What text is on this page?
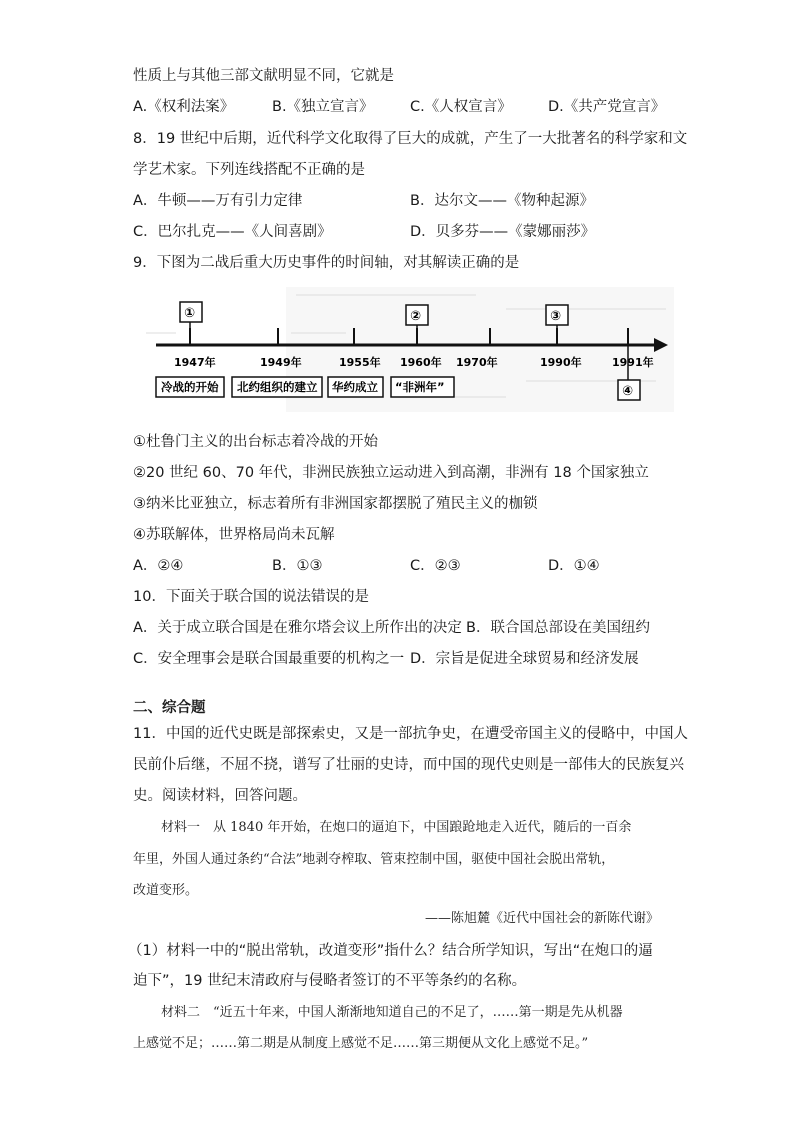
性质上与其他三部文献明显不同，它就是
A.《权利法案》	B.《独立宣言》	C.《人权宣言》	D.《共产党宣言》
8．19 世纪中后期，近代科学文化取得了巨大的成就，产生了一大批著名的科学家和文
学艺术家。下列连线搭配不正确的是
A．牛顿——万有引力定律	B．达尔文——《物种起源》
C．巴尔扎克——《人间喜剧》	D．贝多芬——《蒙娜丽莎》
9．下图为二战后重大历史事件的时间轴，对其解读正确的是
1947年	1949年	1955年 1960年 1970年	1990年	1991年
①	②	③
④
冷战的开始 北约组织的建立 华约成立 “非洲年”
①杜鲁门主义的出台标志着冷战的开始
②20 世纪 60、70 年代，非洲民族独立运动进入到高潮，非洲有 18 个国家独立
③纳米比亚独立，标志着所有非洲国家都摆脱了殖民主义的枷锁
④苏联解体，世界格局尚未瓦解
A．②④	B．①③	C．②③	D．①④
10．下面关于联合国的说法错误的是
A．关于成立联合国是在雅尔塔会议上所作出的决定 B．联合国总部设在美国纽约
C．安全理事会是联合国最重要的机构之一 D．宗旨是促进全球贸易和经济发展
二、综合题
11．中国的近代史既是部探索史，又是一部抗争史，在遭受帝国主义的侵略中，中国人
民前仆后继，不屈不挠，谱写了壮丽的史诗，而中国的现代史则是一部伟大的民族复兴
史。阅读材料，回答问题。
材料一　从 1840 年开始，在炮口的逼迫下，中国踉跄地走入近代，随后的一百余
年里，外国人通过条约“合法”地剥夺榨取、管束控制中国，驱使中国社会脱出常轨，
改道变形。
——陈旭麓《近代中国社会的新陈代谢》
（1）材料一中的“脱出常轨，改道变形”指什么？结合所学知识，写出“在炮口的逼
迫下”，19 世纪末清政府与侵略者签订的不平等条约的名称。
材料二　“近五十年来，中国人渐渐地知道自己的不足了，……第一期是先从机器
上感觉不足；……第二期是从制度上感觉不足……第三期便从文化上感觉不足。”
